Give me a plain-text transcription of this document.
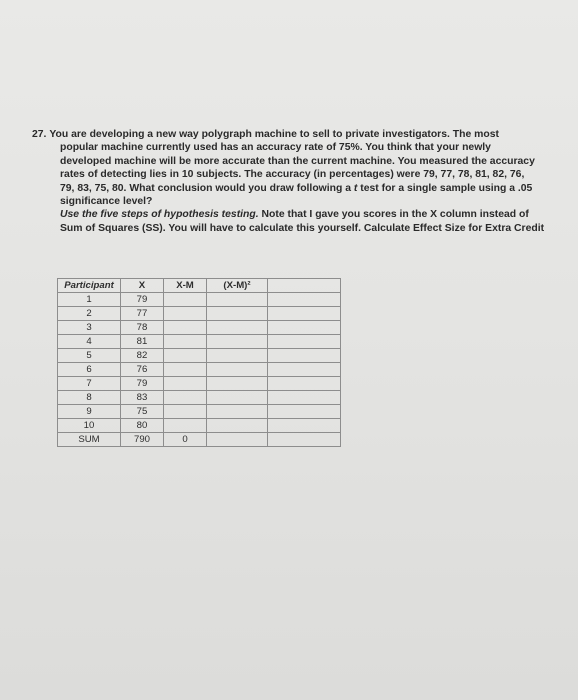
27. You are developing a new way polygraph machine to sell to private investigators. The most
popular machine currently used has an accuracy rate of 75%. You think that your newly
developed machine will be more accurate than the current machine. You measured the accuracy
rates of detecting lies in 10 subjects. The accuracy (in percentages) were 79, 77, 78, 81, 82, 76,
79, 83, 75, 80. What conclusion would you draw following a t test for a single sample using a .05
significance level?
Use the five steps of hypothesis testing. Note that I gave you scores in the X column instead of
Sum of Squares (SS). You will have to calculate this yourself. Calculate Effect Size for Extra Credit
Participant	X	X-M	(X-M)²	
1	79			
2	77			
3	78			
4	81			
5	82			
6	76			
7	79			
8	83			
9	75			
10	80			
SUM	790	0		
